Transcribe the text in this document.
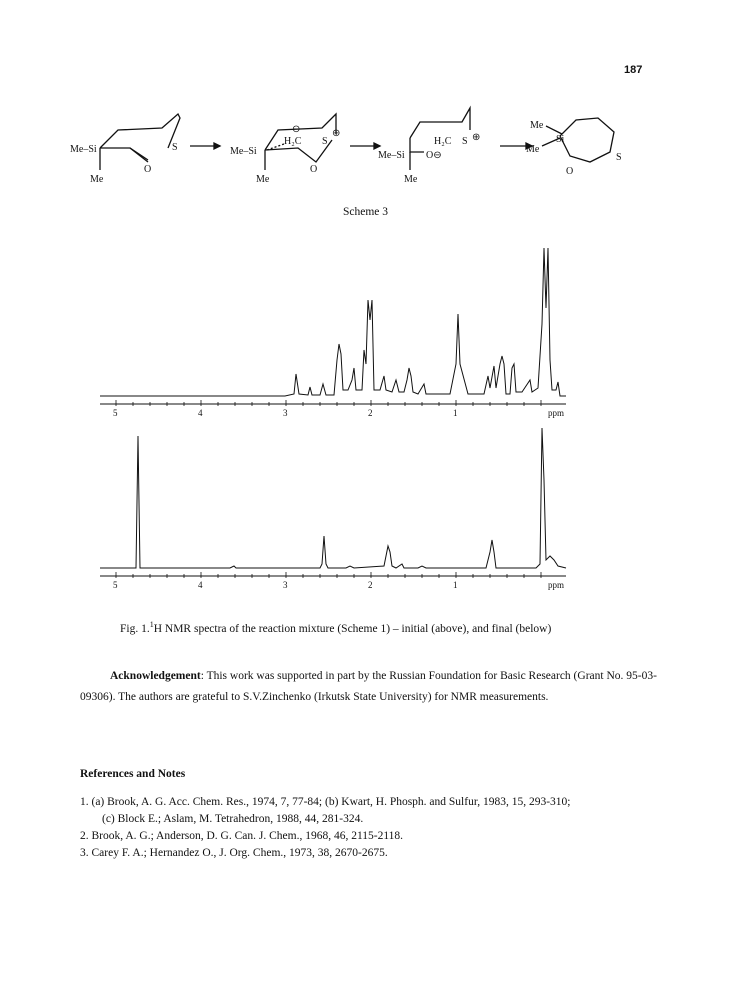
187
Me–Si
Me
S
O
Me–Si
Me
H₂C
⊖
S
⊕
O
Me–Si
Me
H₂C S ⊕
O⊖
Me
Me
Si
S
O
Scheme 3
5	4	3	2	1	ppm
5	4	3	2	1	ppm
Fig. 1.$^1$H NMR spectra of the reaction mixture (Scheme 1) – initial (above), and final (below)
Acknowledgement: This work was supported in part by the Russian Foundation for Basic Research (Grant No. 95-03-09306). The authors are grateful to S.V.Zinchenko (Irkutsk State University) for NMR measurements.
References and Notes
1. (a) Brook, A. G. Acc. Chem. Res., 1974, 7, 77-84; (b) Kwart, H. Phosph. and Sulfur, 1983, 15, 293-310;
(c) Block E.; Aslam, M. Tetrahedron, 1988, 44, 281-324.
2. Brook, A. G.; Anderson, D. G. Can. J. Chem., 1968, 46, 2115-2118.
3. Carey F. A.; Hernandez O., J. Org. Chem., 1973, 38, 2670-2675.
